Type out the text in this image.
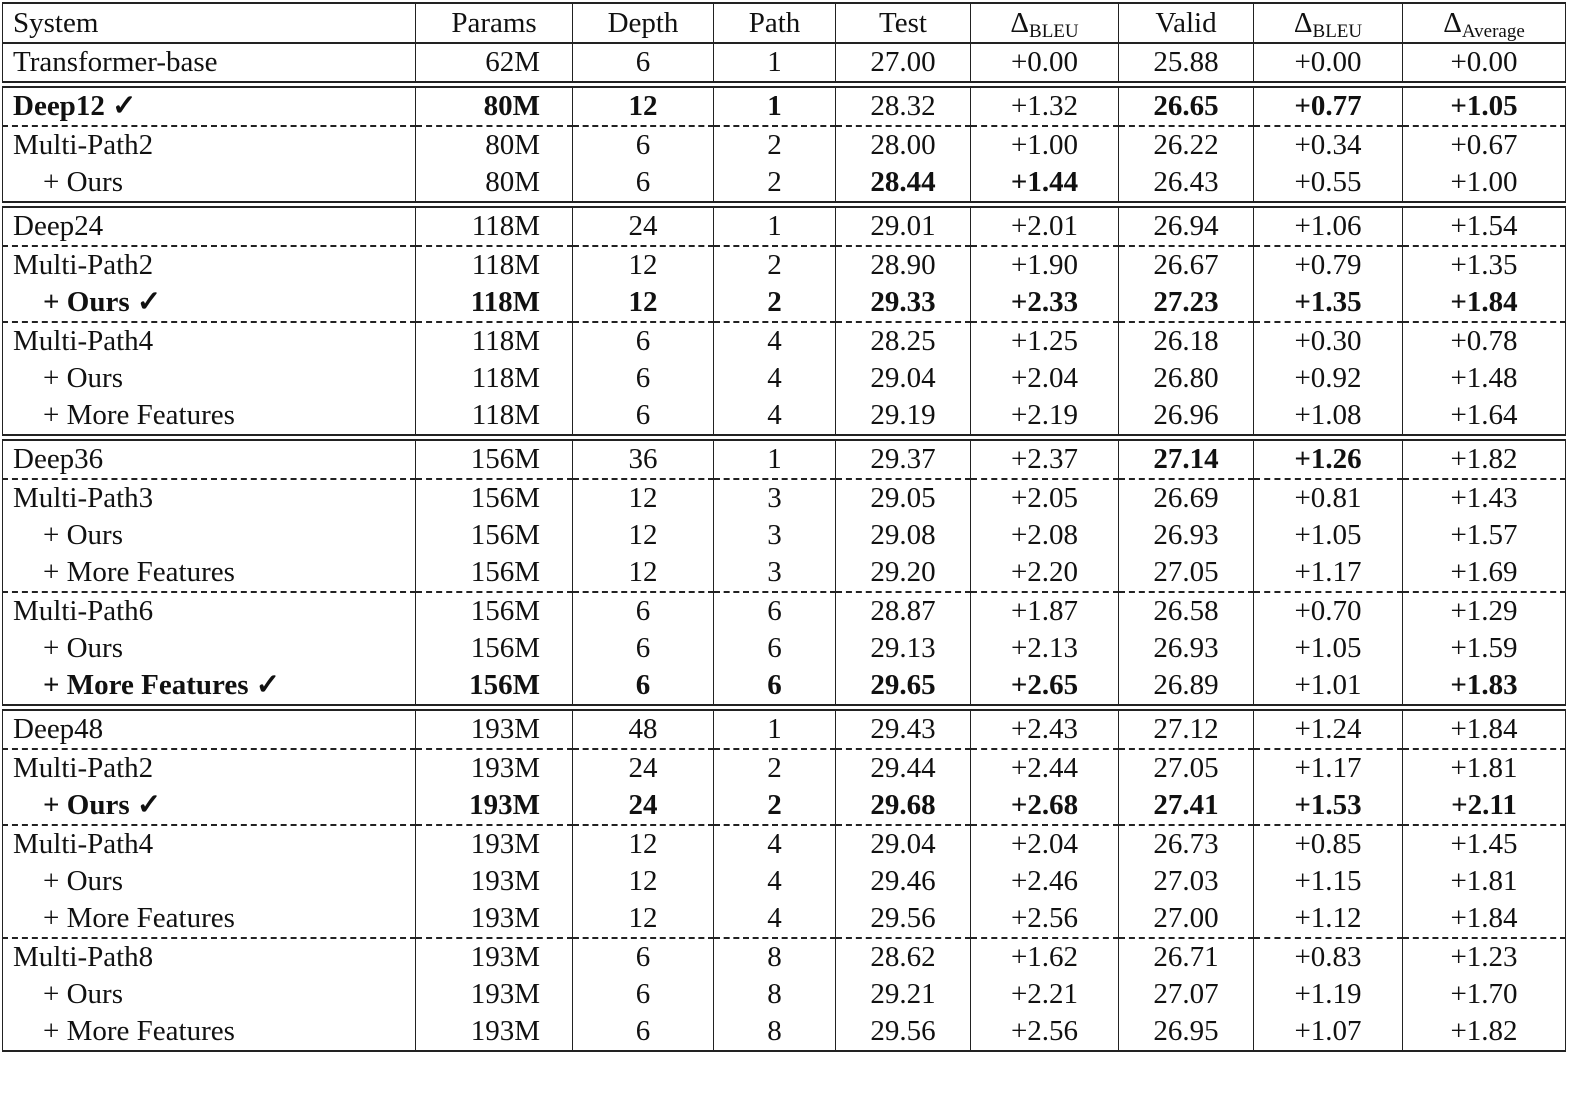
System	Params	Depth	Path	Test	$\Delta_{BLEU}$	Valid	$\Delta_{BLEU}$	$\Delta_{Average}$
Transformer-base	62M	6	1	27.00	+0.00	25.88	+0.00	+0.00
Deep12 ✓	80M	12	1	28.32	+1.32	26.65	+0.77	+1.05
Multi-Path2	80M	6	2	28.00	+1.00	26.22	+0.34	+0.67
+ Ours	80M	6	2	28.44	+1.44	26.43	+0.55	+1.00
Deep24	118M	24	1	29.01	+2.01	26.94	+1.06	+1.54
Multi-Path2	118M	12	2	28.90	+1.90	26.67	+0.79	+1.35
+ Ours ✓	118M	12	2	29.33	+2.33	27.23	+1.35	+1.84
Multi-Path4	118M	6	4	28.25	+1.25	26.18	+0.30	+0.78
+ Ours	118M	6	4	29.04	+2.04	26.80	+0.92	+1.48
+ More Features	118M	6	4	29.19	+2.19	26.96	+1.08	+1.64
Deep36	156M	36	1	29.37	+2.37	27.14	+1.26	+1.82
Multi-Path3	156M	12	3	29.05	+2.05	26.69	+0.81	+1.43
+ Ours	156M	12	3	29.08	+2.08	26.93	+1.05	+1.57
+ More Features	156M	12	3	29.20	+2.20	27.05	+1.17	+1.69
Multi-Path6	156M	6	6	28.87	+1.87	26.58	+0.70	+1.29
+ Ours	156M	6	6	29.13	+2.13	26.93	+1.05	+1.59
+ More Features ✓	156M	6	6	29.65	+2.65	26.89	+1.01	+1.83
Deep48	193M	48	1	29.43	+2.43	27.12	+1.24	+1.84
Multi-Path2	193M	24	2	29.44	+2.44	27.05	+1.17	+1.81
+ Ours ✓	193M	24	2	29.68	+2.68	27.41	+1.53	+2.11
Multi-Path4	193M	12	4	29.04	+2.04	26.73	+0.85	+1.45
+ Ours	193M	12	4	29.46	+2.46	27.03	+1.15	+1.81
+ More Features	193M	12	4	29.56	+2.56	27.00	+1.12	+1.84
Multi-Path8	193M	6	8	28.62	+1.62	26.71	+0.83	+1.23
+ Ours	193M	6	8	29.21	+2.21	27.07	+1.19	+1.70
+ More Features	193M	6	8	29.56	+2.56	26.95	+1.07	+1.82
